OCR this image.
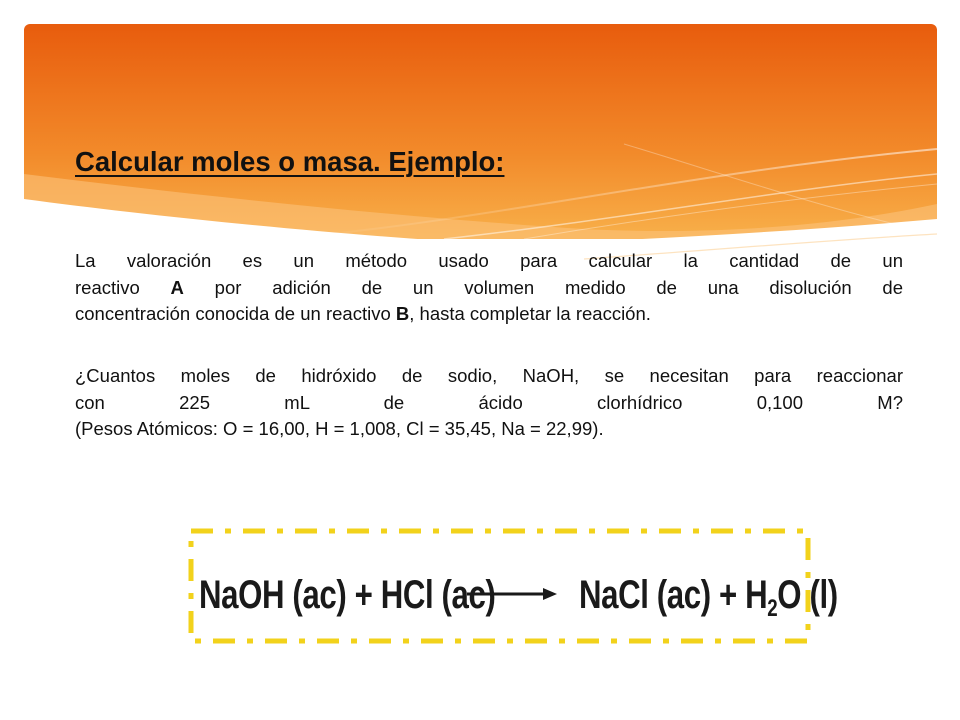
Calcular moles o masa. Ejemplo:

La valoración es un método usado para calcular la cantidad de un
reactivo A por adición de un volumen medido de una disolución de
concentración conocida de un reactivo B, hasta completar la reacción.

¿Cuantos moles de hidróxido de sodio, NaOH, se necesitan para reaccionar
con 225 mL de ácido clorhídrico 0,100 M?
(Pesos Atómicos: O = 16,00, H = 1,008, Cl = 35,45, Na = 22,99).

NaOH (ac) + HCl (ac) NaCl $(ac) + H_2O$ (l)
